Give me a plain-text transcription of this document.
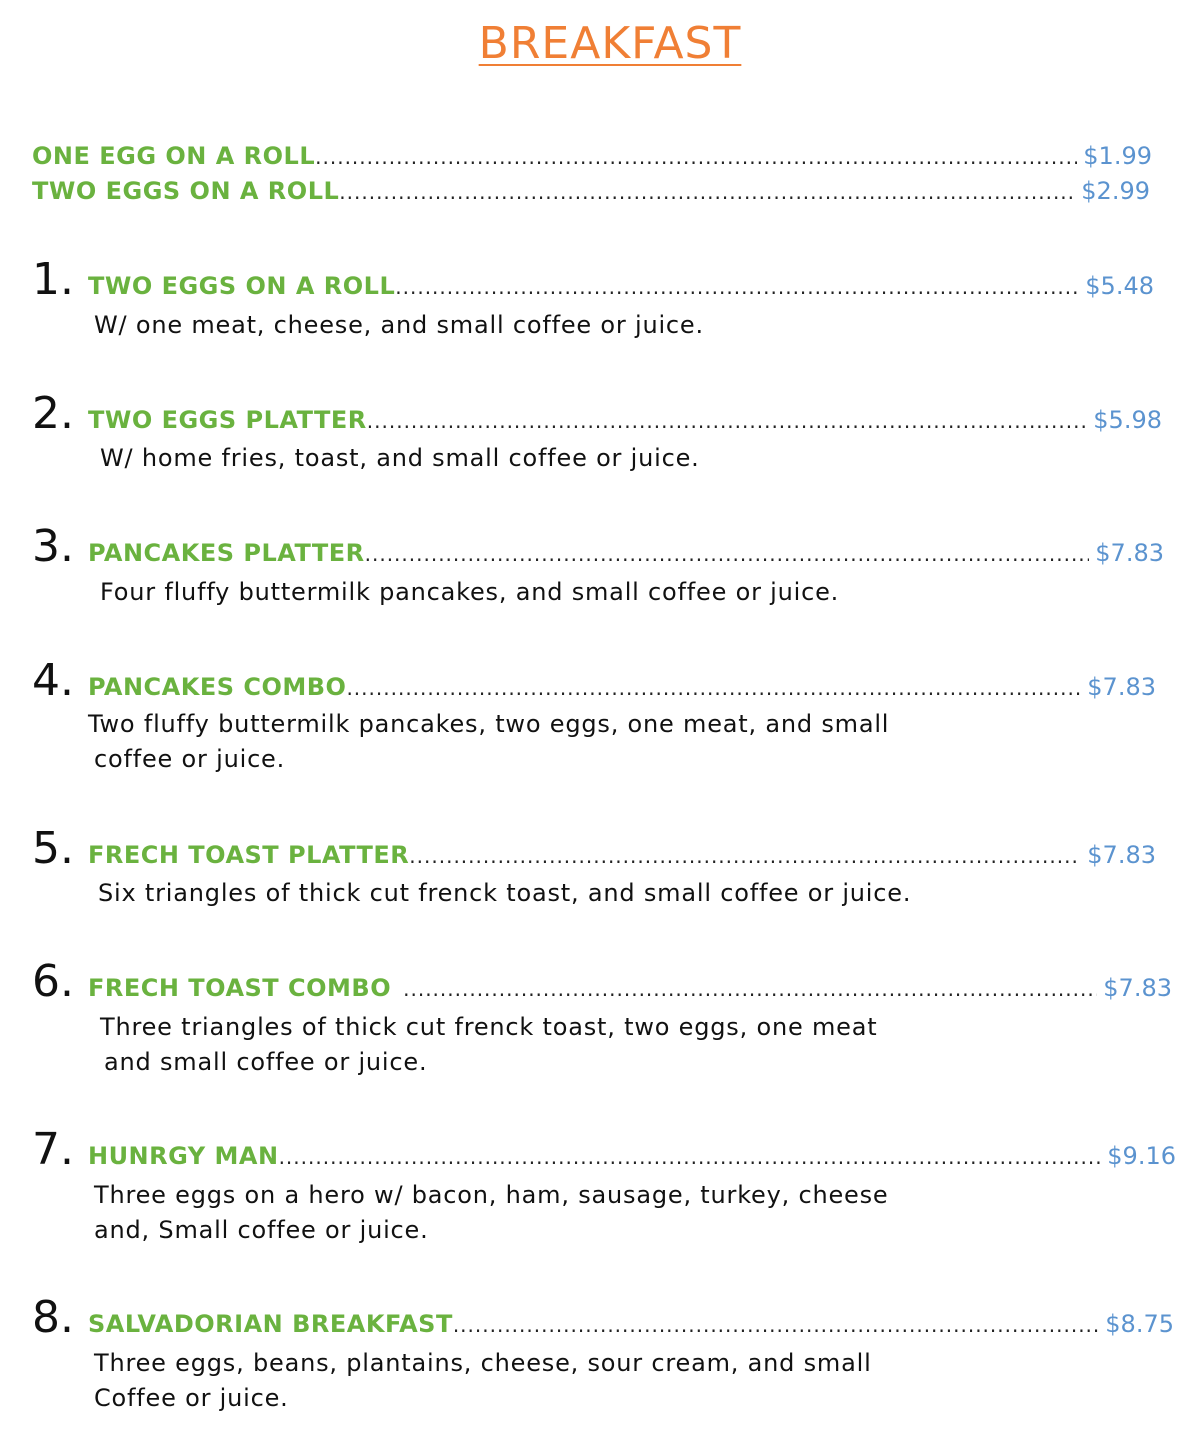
BREAKFAST
ONE EGG ON A ROLL .....	$1.99
TWO EGGS ON A ROLL .....	$2.99
1. TWO EGGS ON A ROLL .....	$5.48
W/ one meat, cheese, and small coffee or juice.
2. TWO EGGS PLATTER .....	$5.98
W/ home fries, toast, and small coffee or juice.
3. PANCAKES PLATTER .....	$7.83
Four fluffy buttermilk pancakes, and small coffee or juice.
4. PANCAKES COMBO .....	$7.83
Two fluffy buttermilk pancakes, two eggs, one meat, and small
coffee or juice.
5. FRECH TOAST PLATTER .....	$7.83
Six triangles of thick cut frenck toast, and small coffee or juice.
6. FRECH TOAST COMBO .....	$7.83
Three triangles of thick cut frenck toast, two eggs, one meat
and small coffee or juice.
7. HUNRGY MAN .....	$9.16
Three eggs on a hero w/ bacon, ham, sausage, turkey, cheese
and, Small coffee or juice.
8. SALVADORIAN BREAKFAST .....	$8.75
Three eggs, beans, plantains, cheese, sour cream, and small
Coffee or juice.
